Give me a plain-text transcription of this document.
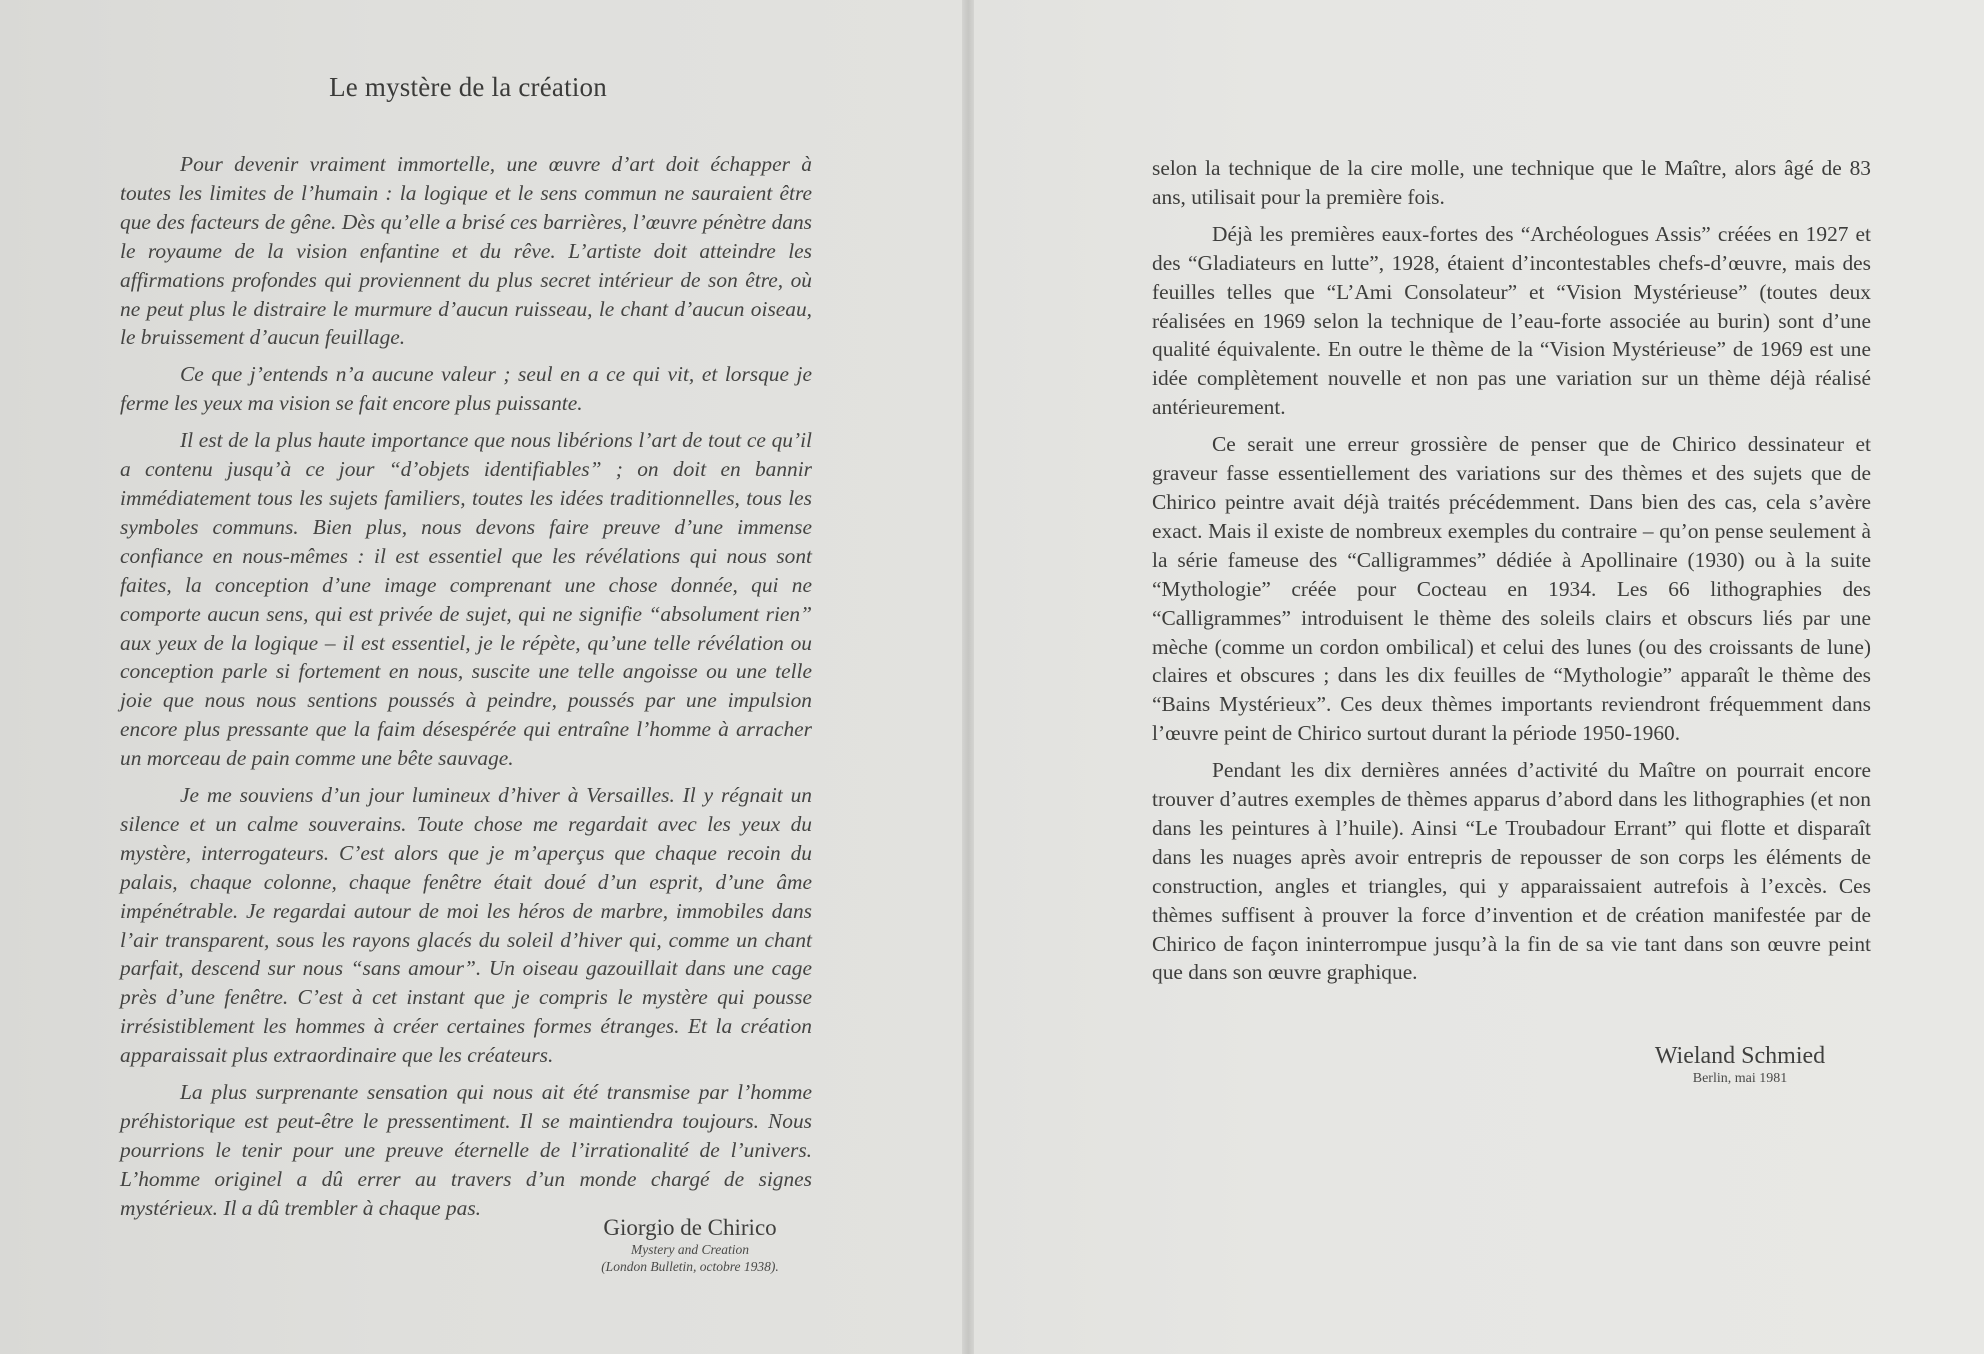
Le mystère de la création

Pour devenir vraiment immortelle, une œuvre d’art doit échapper à toutes les limites de l’humain : la logique et le sens commun ne sauraient être que des facteurs de gêne. Dès qu’elle a brisé ces barrières, l’œuvre pénètre dans le royaume de la vision enfantine et du rêve. L’artiste doit atteindre les affirmations profondes qui proviennent du plus secret intérieur de son être, où ne peut plus le distraire le murmure d’aucun ruisseau, le chant d’aucun oiseau, le bruissement d’aucun feuillage.

Ce que j’entends n’a aucune valeur ; seul en a ce qui vit, et lorsque je ferme les yeux ma vision se fait encore plus puissante.

Il est de la plus haute importance que nous libérions l’art de tout ce qu’il a contenu jusqu’à ce jour “d’objets identifiables” ; on doit en bannir immédiatement tous les sujets familiers, toutes les idées traditionnelles, tous les symboles communs. Bien plus, nous devons faire preuve d’une immense confiance en nous-mêmes : il est essentiel que les révélations qui nous sont faites, la conception d’une image comprenant une chose donnée, qui ne comporte aucun sens, qui est privée de sujet, qui ne signifie “absolument rien” aux yeux de la logique – il est essentiel, je le répète, qu’une telle révélation ou conception parle si fortement en nous, suscite une telle angoisse ou une telle joie que nous nous sentions poussés à peindre, poussés par une impulsion encore plus pressante que la faim désespérée qui entraîne l’homme à arracher un morceau de pain comme une bête sauvage.

Je me souviens d’un jour lumineux d’hiver à Versailles. Il y régnait un silence et un calme souverains. Toute chose me regardait avec les yeux du mystère, interrogateurs. C’est alors que je m’aperçus que chaque recoin du palais, chaque colonne, chaque fenêtre était doué d’un esprit, d’une âme impénétrable. Je regardai autour de moi les héros de marbre, immobiles dans l’air transparent, sous les rayons glacés du soleil d’hiver qui, comme un chant parfait, descend sur nous “sans amour”. Un oiseau gazouillait dans une cage près d’une fenêtre. C’est à cet instant que je compris le mystère qui pousse irrésistiblement les hommes à créer certaines formes étranges. Et la création apparaissait plus extraordinaire que les créateurs.

La plus surprenante sensation qui nous ait été transmise par l’homme préhistorique est peut-être le pressentiment. Il se maintiendra toujours. Nous pourrions le tenir pour une preuve éternelle de l’irrationalité de l’univers. L’homme originel a dû errer au travers d’un monde chargé de signes mystérieux. Il a dû trembler à chaque pas.

Giorgio de Chirico
Mystery and Creation
(London Bulletin, octobre 1938).

selon la technique de la cire molle, une technique que le Maître, alors âgé de 83 ans, utilisait pour la première fois.

Déjà les premières eaux-fortes des “Archéologues Assis” créées en 1927 et des “Gladiateurs en lutte”, 1928, étaient d’incontestables chefs-d’œuvre, mais des feuilles telles que “L’Ami Consolateur” et “Vision Mystérieuse” (toutes deux réalisées en 1969 selon la technique de l’eau-forte associée au burin) sont d’une qualité équivalente. En outre le thème de la “Vision Mystérieuse” de 1969 est une idée complètement nouvelle et non pas une variation sur un thème déjà réalisé antérieurement.

Ce serait une erreur grossière de penser que de Chirico dessinateur et graveur fasse essentiellement des variations sur des thèmes et des sujets que de Chirico peintre avait déjà traités précédemment. Dans bien des cas, cela s’avère exact. Mais il existe de nombreux exemples du contraire – qu’on pense seulement à la série fameuse des “Calligrammes” dédiée à Apollinaire (1930) ou à la suite “Mythologie” créée pour Cocteau en 1934. Les 66 lithographies des “Calligrammes” introduisent le thème des soleils clairs et obscurs liés par une mèche (comme un cordon ombilical) et celui des lunes (ou des croissants de lune) claires et obscures ; dans les dix feuilles de “Mythologie” apparaît le thème des “Bains Mystérieux”. Ces deux thèmes importants reviendront fréquemment dans l’œuvre peint de Chirico surtout durant la période 1950-1960.

Pendant les dix dernières années d’activité du Maître on pourrait encore trouver d’autres exemples de thèmes apparus d’abord dans les lithographies (et non dans les peintures à l’huile). Ainsi “Le Troubadour Errant” qui flotte et disparaît dans les nuages après avoir entrepris de repousser de son corps les éléments de construction, angles et triangles, qui y apparaissaient autrefois à l’excès. Ces thèmes suffisent à prouver la force d’invention et de création manifestée par de Chirico de façon ininterrompue jusqu’à la fin de sa vie tant dans son œuvre peint que dans son œuvre graphique.

Wieland Schmied
Berlin, mai 1981
